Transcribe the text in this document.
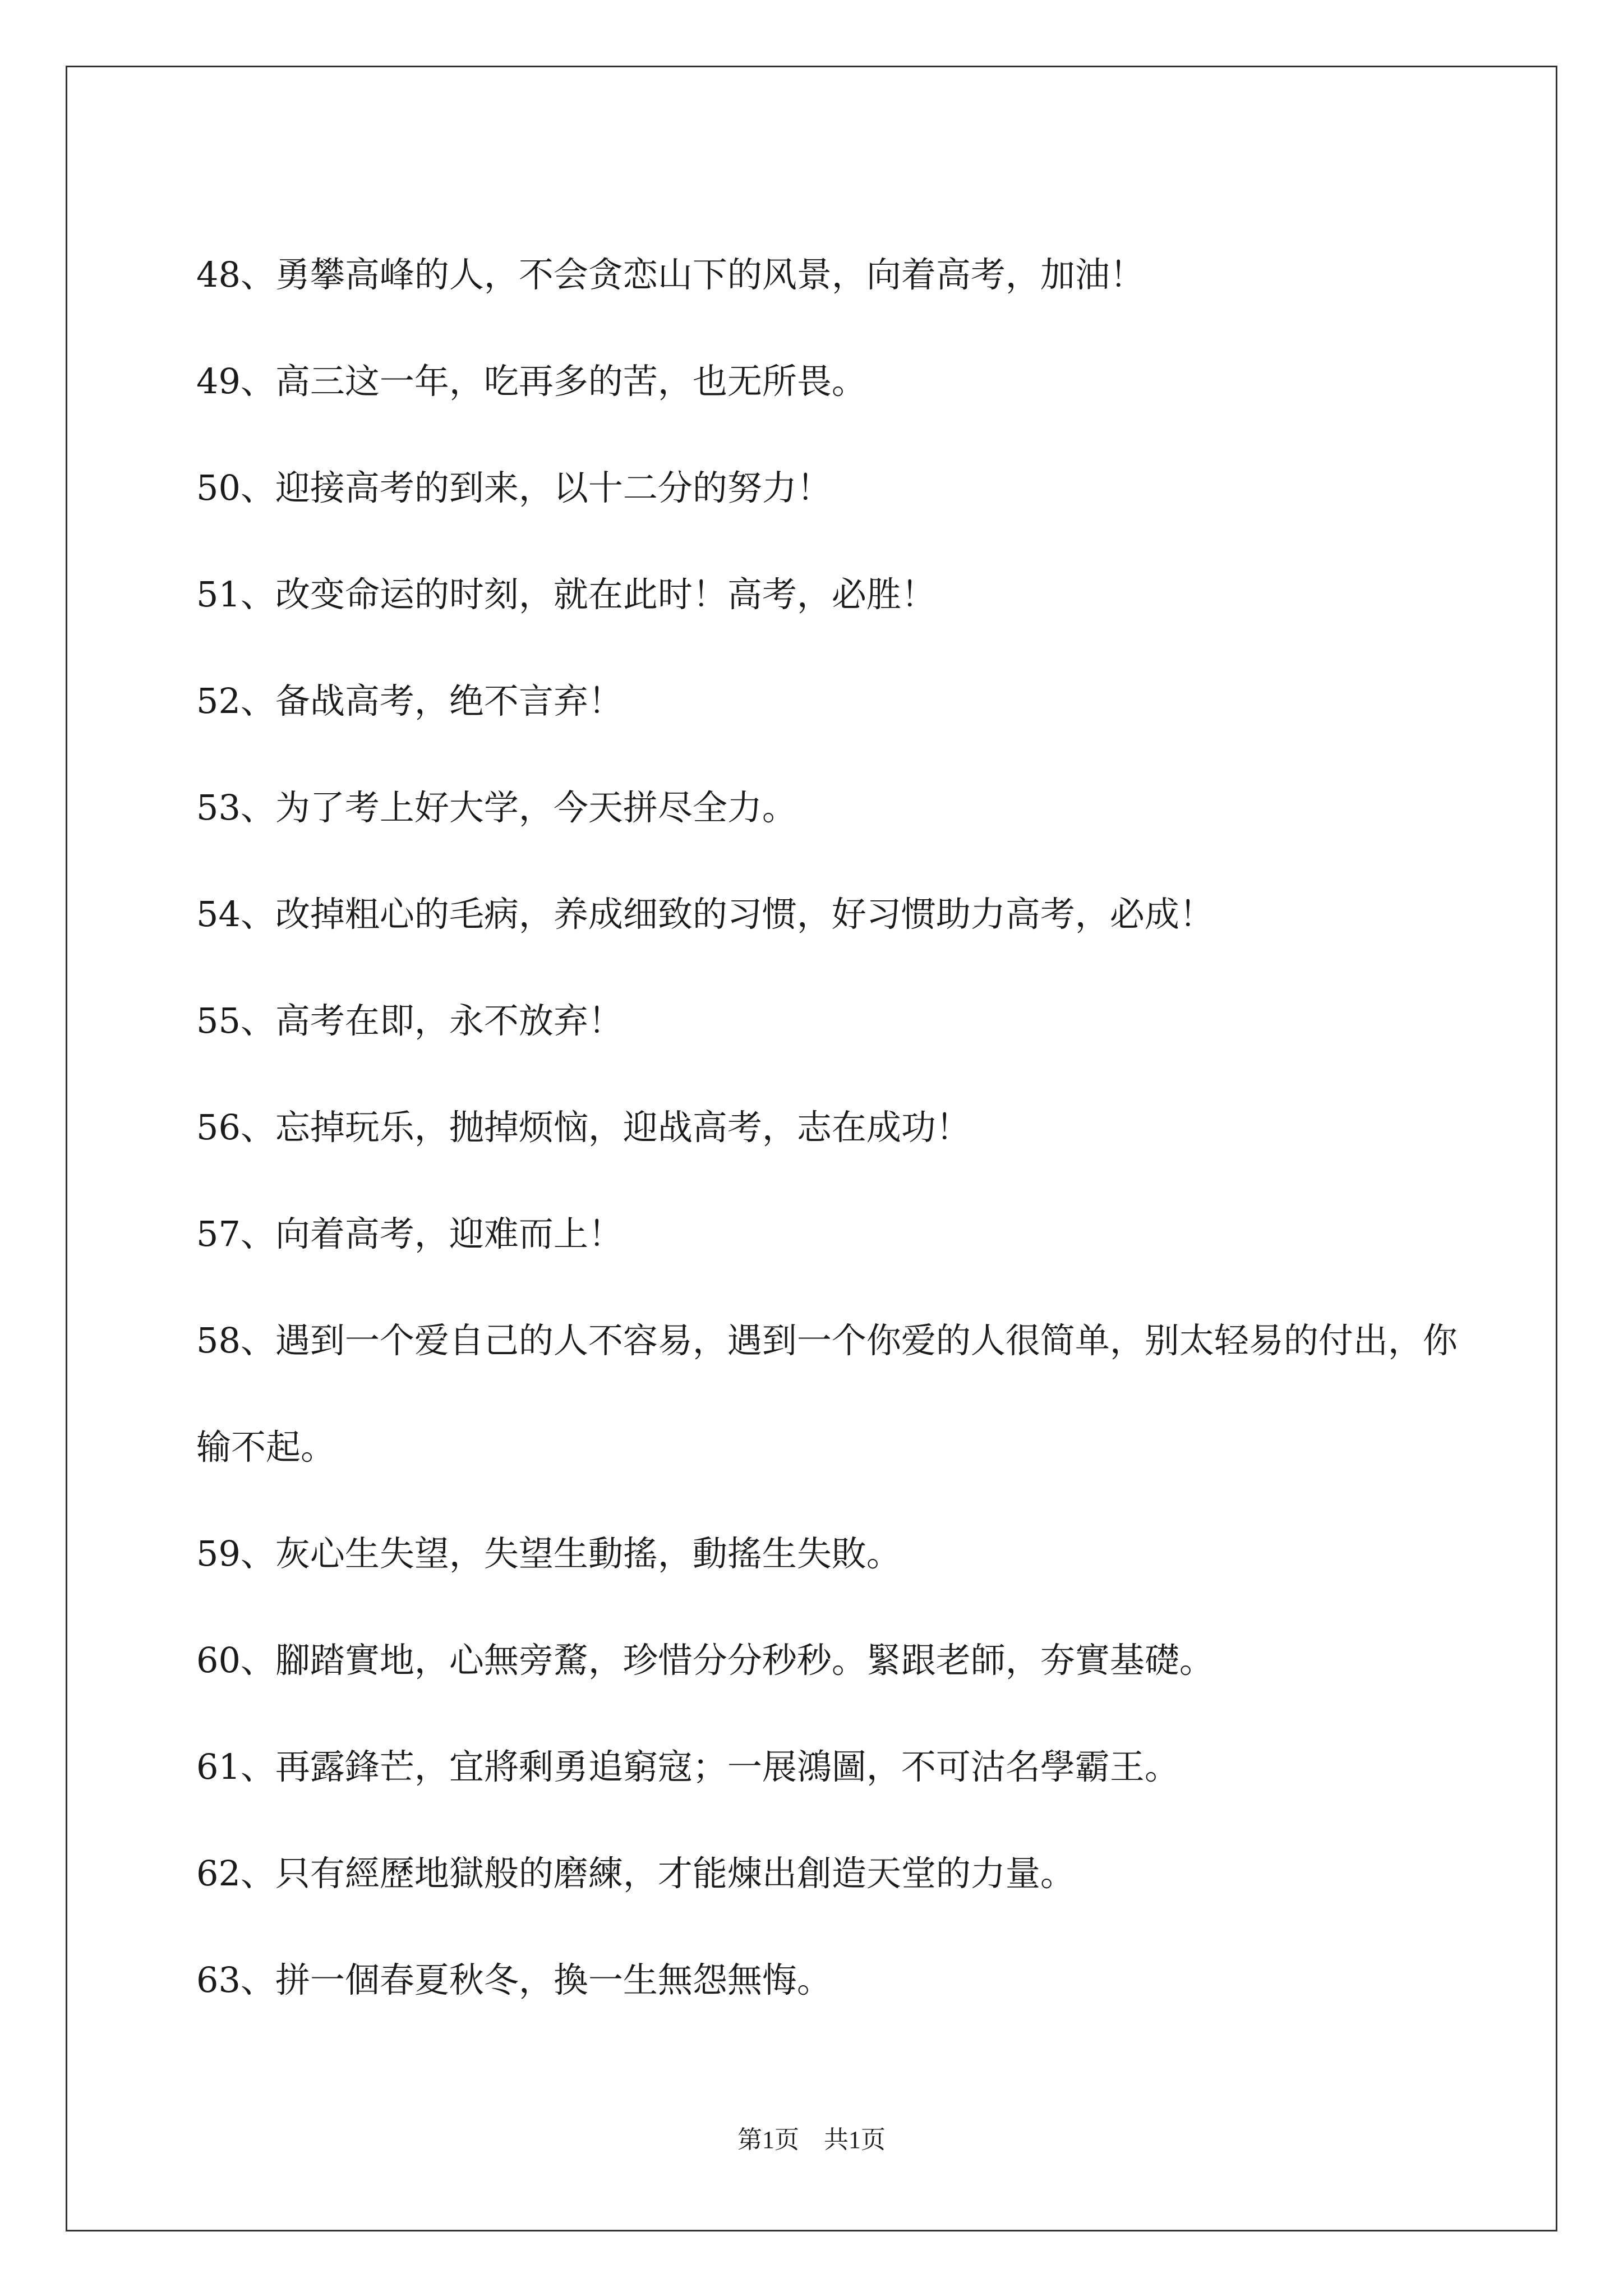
48、勇攀高峰的人，不会贪恋山下的风景，向着高考，加油！

49、高三这一年，吃再多的苦，也无所畏。

50、迎接高考的到来，以十二分的努力！

51、改变命运的时刻，就在此时！高考，必胜！

52、备战高考，绝不言弃！

53、为了考上好大学，今天拼尽全力。

54、改掉粗心的毛病，养成细致的习惯，好习惯助力高考，必成！

55、高考在即，永不放弃！

56、忘掉玩乐，抛掉烦恼，迎战高考，志在成功！

57、向着高考，迎难而上！

58、遇到一个爱自己的人不容易，遇到一个你爱的人很简单，别太轻易的付出，你输不起。

59、灰心生失望，失望生動搖，動搖生失敗。

60、腳踏實地，心無旁騖，珍惜分分秒秒。緊跟老師，夯實基礎。

61、再露鋒芒，宜將剩勇追窮寇；一展鴻圖，不可沽名學霸王。

62、只有經歷地獄般的磨練，才能煉出創造天堂的力量。

63、拼一個春夏秋冬，換一生無怨無悔。

第1页　共1页
